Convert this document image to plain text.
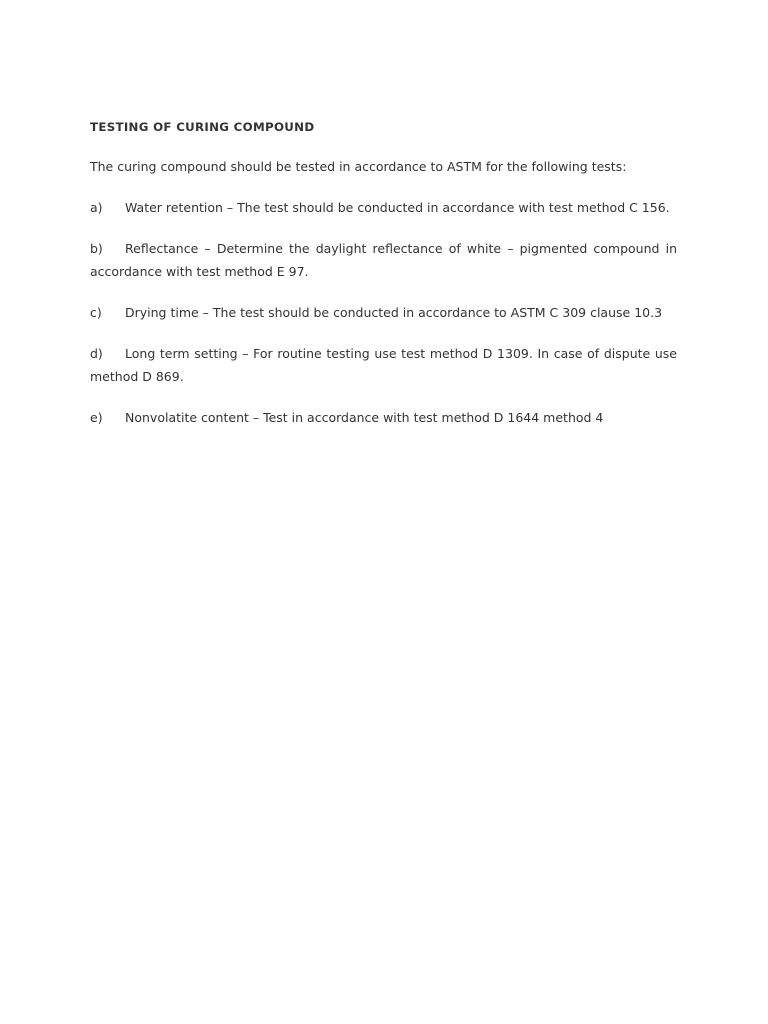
TESTING OF CURING COMPOUND

The curing compound should be tested in accordance to ASTM for the following tests:

a) Water retention – The test should be conducted in accordance with test method C 156.

b) Reflectance – Determine the daylight reflectance of white – pigmented compound in accordance with test method E 97.

c) Drying time – The test should be conducted in accordance to ASTM C 309 clause 10.3

d) Long term setting – For routine testing use test method D 1309. In case of dispute use method D 869.

e) Nonvolatite content – Test in accordance with test method D 1644 method 4
